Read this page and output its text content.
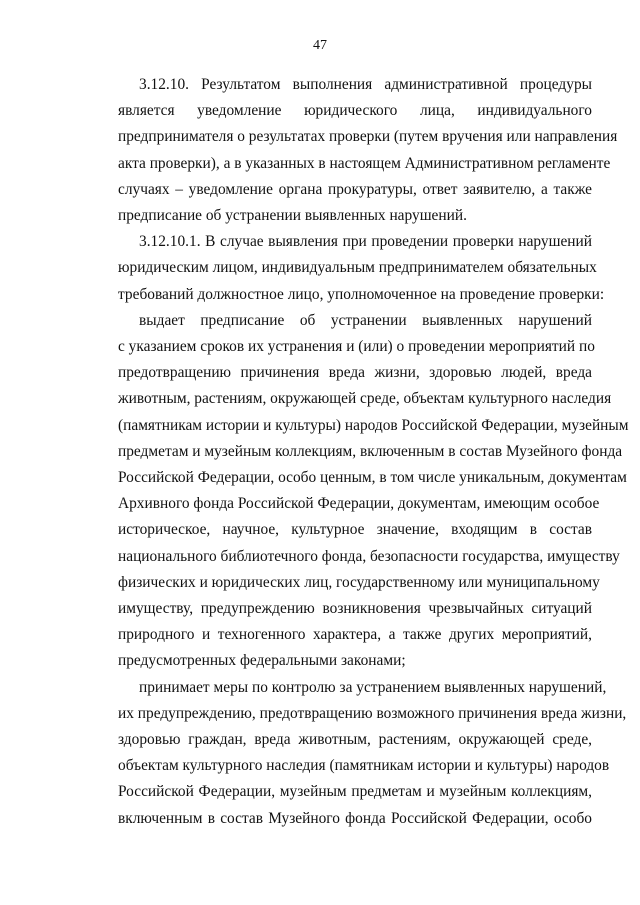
47
3.12.10. Результатом выполнения административной процедуры
является уведомление юридического лица, индивидуального
предпринимателя о результатах проверки (путем вручения или направления
акта проверки), а в указанных в настоящем Административном регламенте
случаях – уведомление органа прокуратуры, ответ заявителю, а также
предписание об устранении выявленных нарушений.
3.12.10.1. В случае выявления при проведении проверки нарушений
юридическим лицом, индивидуальным предпринимателем обязательных
требований должностное лицо, уполномоченное на проведение проверки:
выдает предписание об устранении выявленных нарушений
с указанием сроков их устранения и (или) о проведении мероприятий по
предотвращению причинения вреда жизни, здоровью людей, вреда
животным, растениям, окружающей среде, объектам культурного наследия
(памятникам истории и культуры) народов Российской Федерации, музейным
предметам и музейным коллекциям, включенным в состав Музейного фонда
Российской Федерации, особо ценным, в том числе уникальным, документам
Архивного фонда Российской Федерации, документам, имеющим особое
историческое, научное, культурное значение, входящим в состав
национального библиотечного фонда, безопасности государства, имуществу
физических и юридических лиц, государственному или муниципальному
имуществу, предупреждению возникновения чрезвычайных ситуаций
природного и техногенного характера, а также других мероприятий,
предусмотренных федеральными законами;
принимает меры по контролю за устранением выявленных нарушений,
их предупреждению, предотвращению возможного причинения вреда жизни,
здоровью граждан, вреда животным, растениям, окружающей среде,
объектам культурного наследия (памятникам истории и культуры) народов
Российской Федерации, музейным предметам и музейным коллекциям,
включенным в состав Музейного фонда Российской Федерации, особо
